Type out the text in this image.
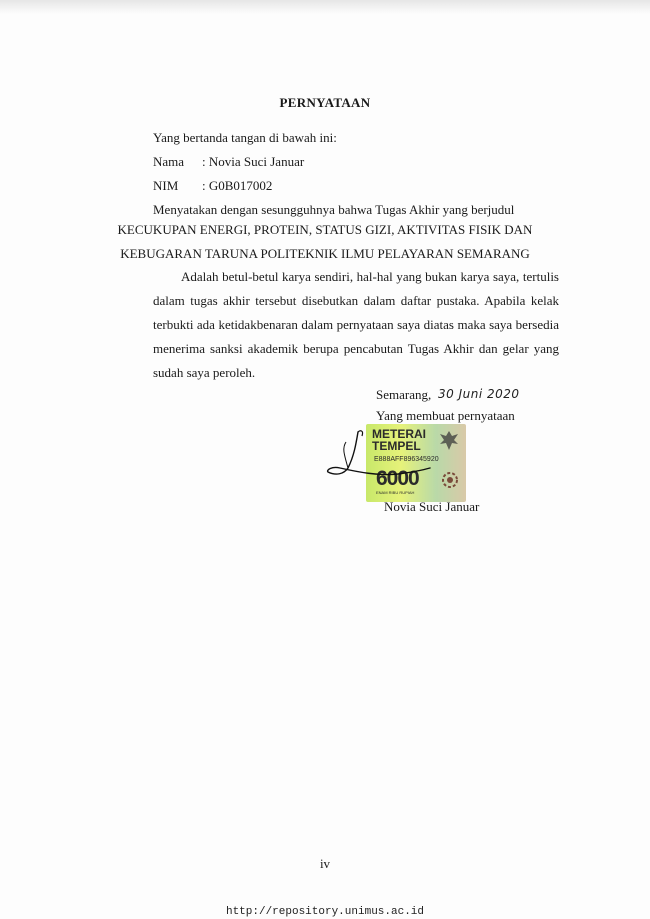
PERNYATAAN
Yang bertanda tangan di bawah ini:
Nama : Novia Suci Januar
NIM : G0B017002
Menyatakan dengan sesungguhnya bahwa Tugas Akhir yang berjudul
KECUKUPAN ENERGI, PROTEIN, STATUS GIZI, AKTIVITAS FISIK DAN
KEBUGARAN TARUNA POLITEKNIK ILMU PELAYARAN SEMARANG
Adalah betul-betul karya sendiri, hal-hal yang bukan karya saya, tertulis dalam tugas akhir tersebut disebutkan dalam daftar pustaka. Apabila kelak terbukti ada ketidakbenaran dalam pernyataan saya diatas maka saya bersedia menerima sanksi akademik berupa pencabutan Tugas Akhir dan gelar yang sudah saya peroleh.
Semarang, 30 Juni 2020
Yang membuat pernyataan
METERAI TEMPEL
E888AFF896345920
6000
ENAM RIBU RUPIAH
Novia Suci Januar
iv
http://repository.unimus.ac.id
